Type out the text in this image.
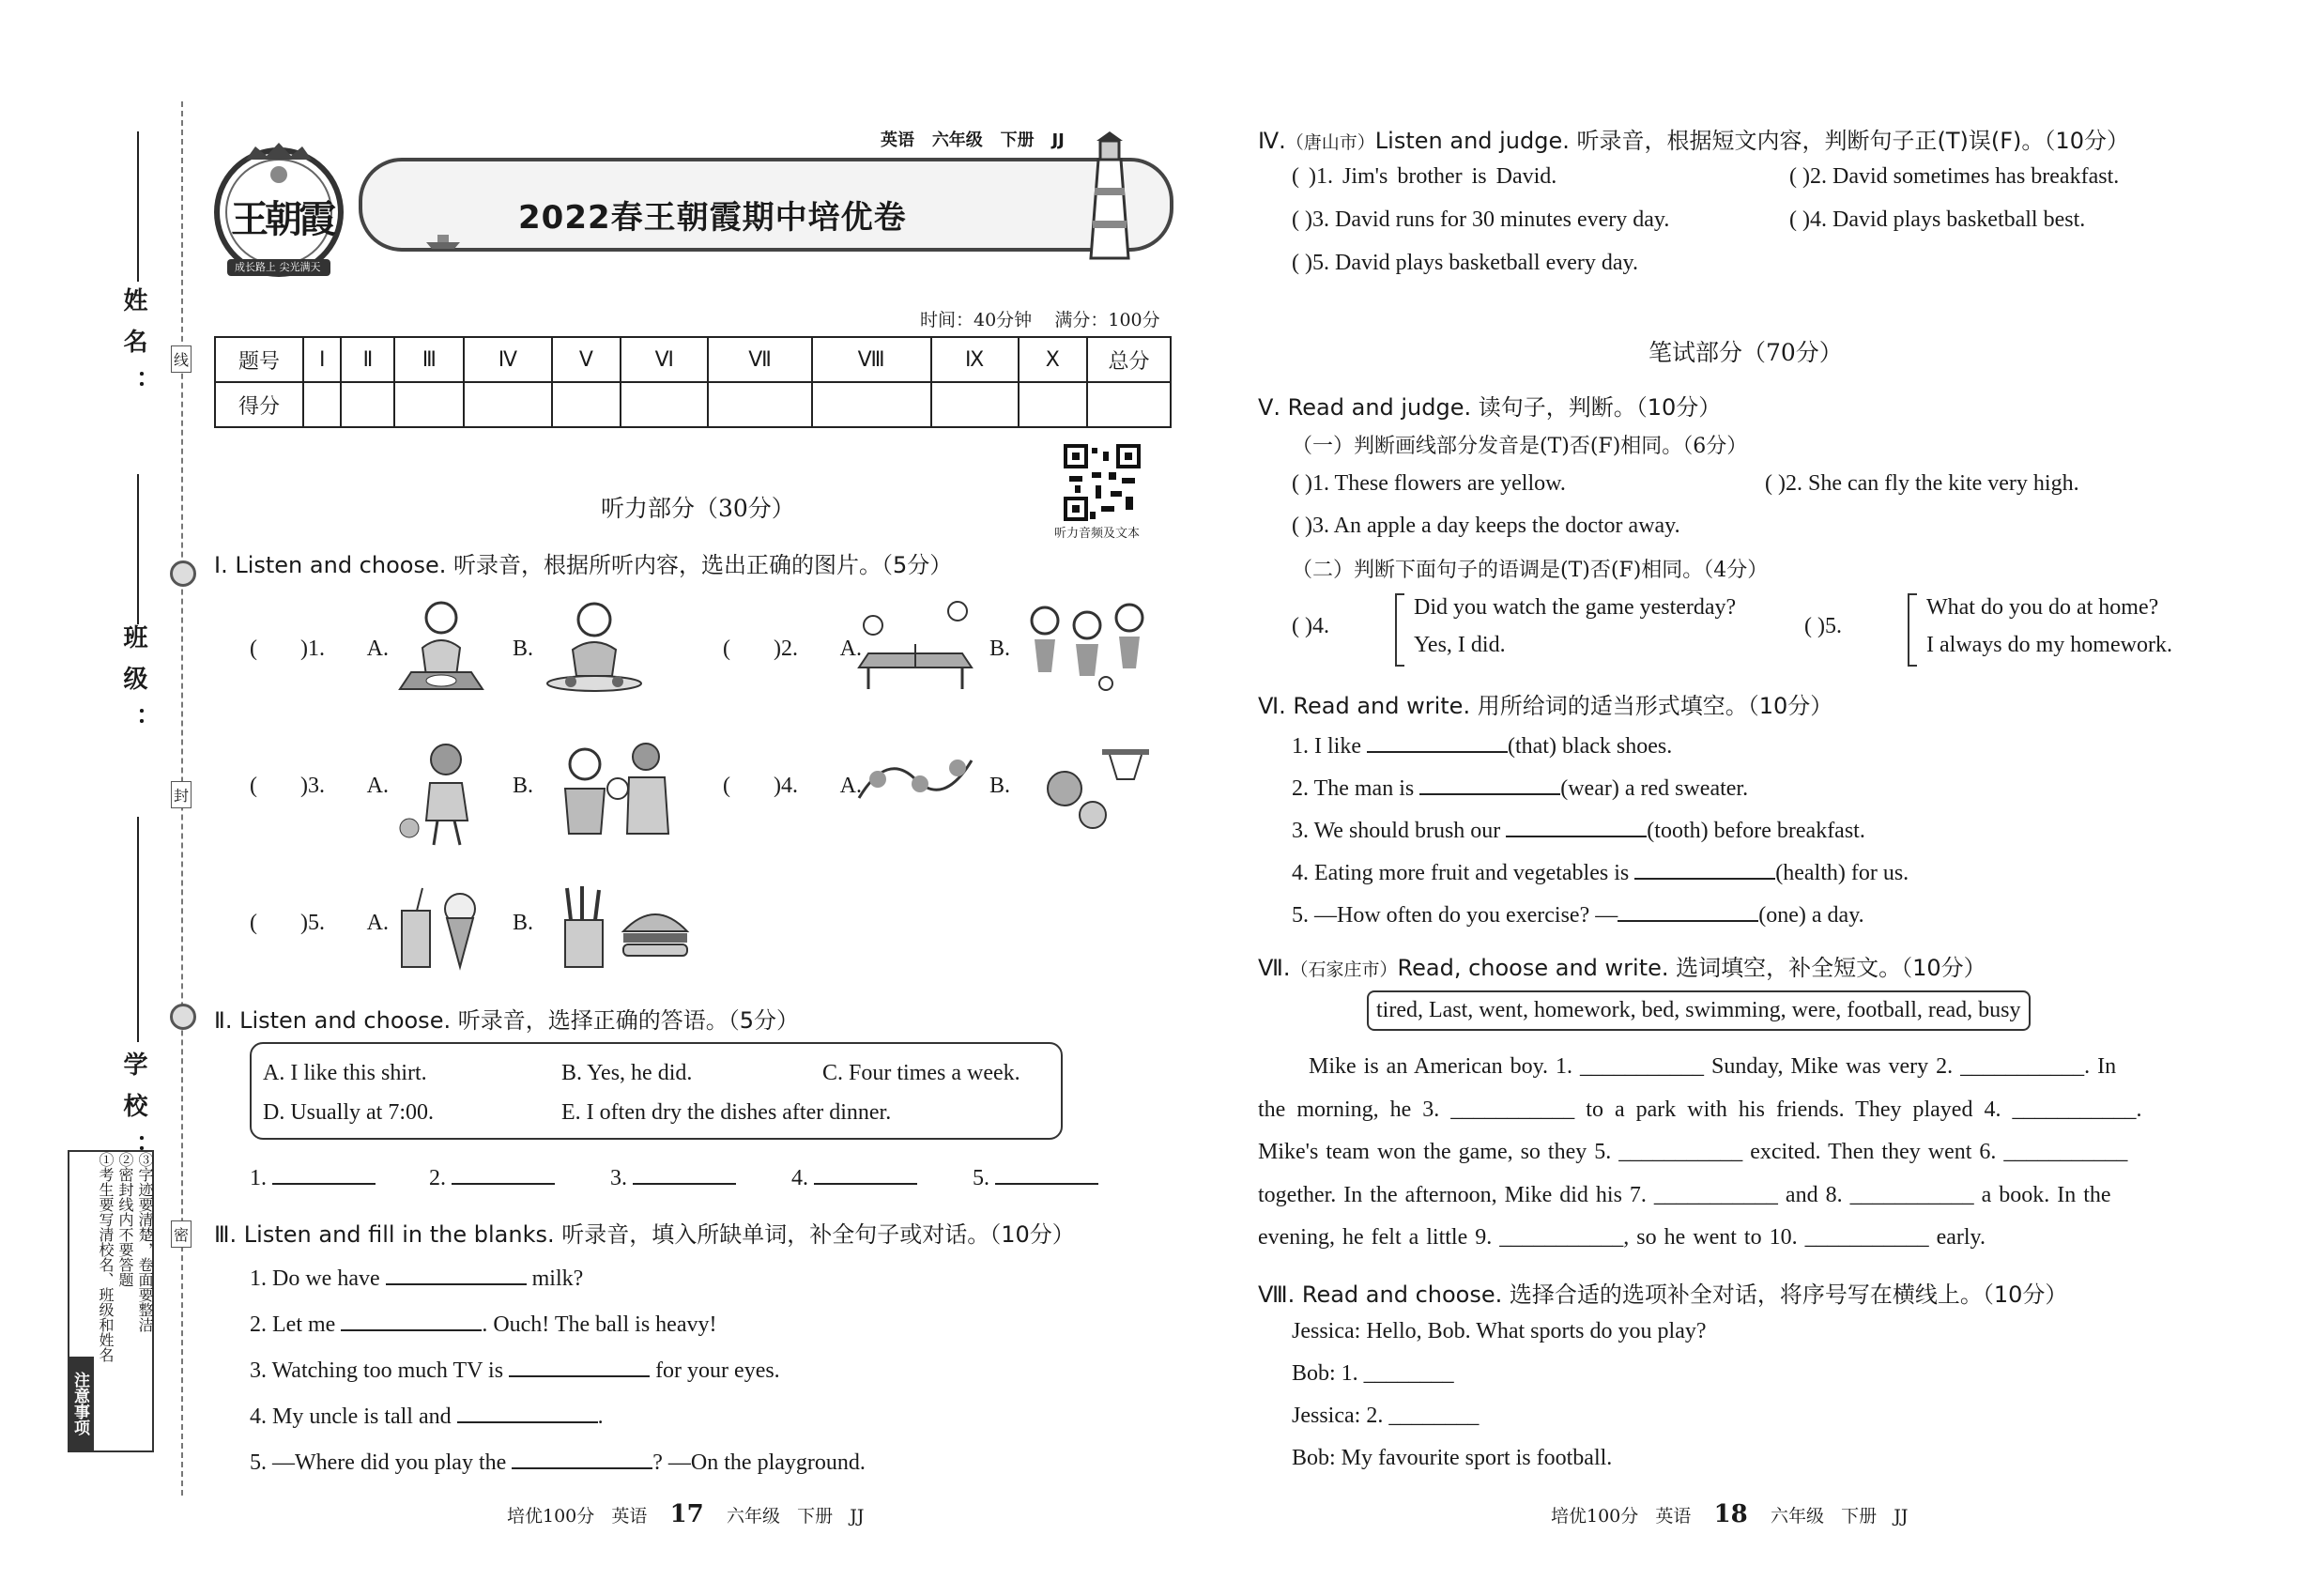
线
封
密
姓名：
班级：
学校：
注意事项
①考生要写清校名、班级和姓名 ②密封线内不要答题 ③字迹要清楚，卷面要整洁
王朝霞
成长路上 尖光满天
英语 六年级 下册 JJ
2022春王朝霞期中培优卷
时间：40分钟 满分：100分
题号	Ⅰ	Ⅱ	Ⅲ	Ⅳ	Ⅴ	Ⅵ	Ⅶ	Ⅷ	Ⅸ	Ⅹ	总分
得分											
听力音频及文本
听力部分（30分）
Ⅰ. Listen and choose. 听录音，根据所听内容，选出正确的图片。（5分）
( )1. A.	B.	( )2. A.	B.
( )3. A.	B.	( )4. A.	B.
( )5. A.	B.
Ⅱ. Listen and choose. 听录音，选择正确的答语。（5分）
A. I like this shirt.	B. Yes, he did.	C. Four times a week.
D. Usually at 7:00.	E. I often dry the dishes after dinner.
1.	2.	3.	4.	5.
Ⅲ. Listen and fill in the blanks. 听录音，填入所缺单词，补全句子或对话。（10分）
1. Do we have	milk?
2. Let me	. Ouch! The ball is heavy!
3. Watching too much TV is	for your eyes.
4. My uncle is tall and	.
5. —Where did you play the	? —On the playground.
培优100分 英语 17 六年级 下册 JJ
Ⅳ.（唐山市）Listen and judge. 听录音，根据短文内容，判断句子正(T)误(F)。（10分）
( )1. Jim's brother is David.	( )2. David sometimes has breakfast.
( )3. David runs for 30 minutes every day.	( )4. David plays basketball best.
( )5. David plays basketball every day.
笔试部分（70分）
Ⅴ. Read and judge. 读句子，判断。（10分）
（一）判断画线部分发音是(T)否(F)相同。（6分）
( )1. These flowers are yellow.	( )2. She can fly the kite very high.
( )3. An apple a day keeps the doctor away.
（二）判断下面句子的语调是(T)否(F)相同。（4分）
( )4.
Did you watch the game yesterday?
Yes, I did.
( )5.
What do you do at home?
I always do my homework.
Ⅵ. Read and write. 用所给词的适当形式填空。（10分）
1. I like	(that) black shoes.
2. The man is	(wear) a red sweater.
3. We should brush our	(tooth) before breakfast.
4. Eating more fruit and vegetables is	(health) for us.
5. —How often do you exercise? —	(one) a day.
Ⅶ.（石家庄市）Read, choose and write. 选词填空，补全短文。（10分）
tired, Last, went, homework, bed, swimming, were, football, read, busy
Mike is an American boy. 1. ___________ Sunday, Mike was very 2. ___________. In
the morning, he 3. ___________ to a park with his friends. They played 4. ___________.
Mike's team won the game, so they 5. ___________ excited. Then they went 6. ___________
together. In the afternoon, Mike did his 7. ___________ and 8. ___________ a book. In the
evening, he felt a little 9. ___________, so he went to 10. ___________ early.
Ⅷ. Read and choose. 选择合适的选项补全对话，将序号写在横线上。（10分）
Jessica: Hello, Bob. What sports do you play?
Bob: 1. ________
Jessica: 2. ________
Bob: My favourite sport is football.
培优100分 英语 18 六年级 下册 JJ
